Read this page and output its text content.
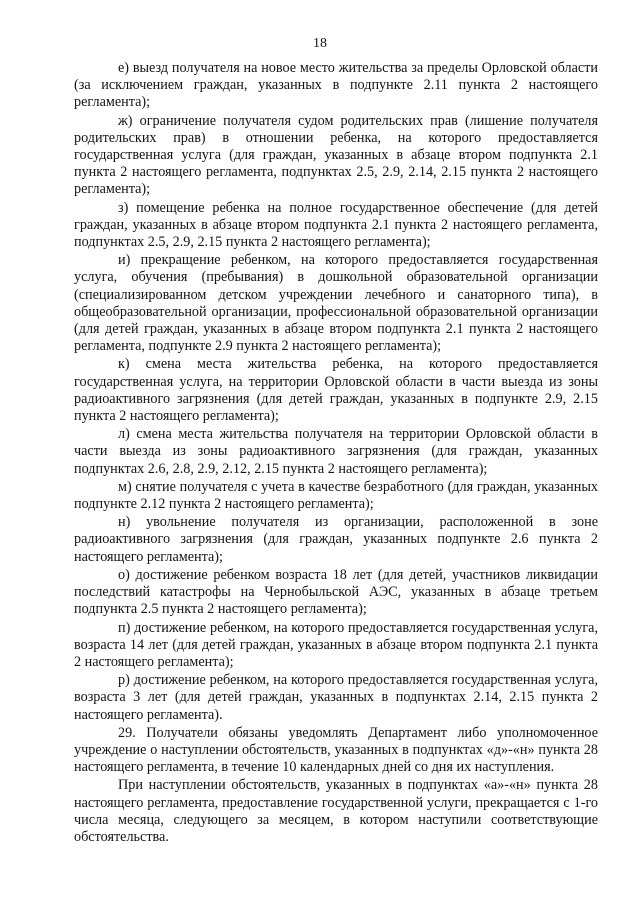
18

е) выезд получателя на новое место жительства за пределы Орловской области (за исключением граждан, указанных в подпункте 2.11 пункта 2 настоящего регламента);

ж) ограничение получателя судом родительских прав (лишение получателя родительских прав) в отношении ребенка, на которого предоставляется государственная услуга (для граждан, указанных в абзаце втором подпункта 2.1 пункта 2 настоящего регламента, подпунктах 2.5, 2.9, 2.14, 2.15 пункта 2 настоящего регламента);

з) помещение ребенка на полное государственное обеспечение (для детей граждан, указанных в абзаце втором подпункта 2.1 пункта 2 настоящего регламента, подпунктах 2.5, 2.9, 2.15 пункта 2 настоящего регламента);

и) прекращение ребенком, на которого предоставляется государственная услуга, обучения (пребывания) в дошкольной образовательной организации (специализированном детском учреждении лечебного и санаторного типа), в общеобразовательной организации, профессиональной образовательной организации (для детей граждан, указанных в абзаце втором подпункта 2.1 пункта 2 настоящего регламента, подпункте 2.9 пункта 2 настоящего регламента);

к) смена места жительства ребенка, на которого предоставляется государственная услуга, на территории Орловской области в части выезда из зоны радиоактивного загрязнения (для детей граждан, указанных в подпункте 2.9, 2.15 пункта 2 настоящего регламента);

л) смена места жительства получателя на территории Орловской области в части выезда из зоны радиоактивного загрязнения (для граждан, указанных подпунктах 2.6, 2.8, 2.9, 2.12, 2.15 пункта 2 настоящего регламента);

м) снятие получателя с учета в качестве безработного (для граждан, указанных подпункте 2.12 пункта 2 настоящего регламента);

н) увольнение получателя из организации, расположенной в зоне радиоактивного загрязнения (для граждан, указанных подпункте 2.6 пункта 2 настоящего регламента);

о) достижение ребенком возраста 18 лет (для детей, участников ликвидации последствий катастрофы на Чернобыльской АЭС, указанных в абзаце третьем подпункта 2.5 пункта 2 настоящего регламента);

п) достижение ребенком, на которого предоставляется государственная услуга, возраста 14 лет (для детей граждан, указанных в абзаце втором подпункта 2.1 пункта 2 настоящего регламента);

р) достижение ребенком, на которого предоставляется государственная услуга, возраста 3 лет (для детей граждан, указанных в подпунктах 2.14, 2.15 пункта 2 настоящего регламента).

29. Получатели обязаны уведомлять Департамент либо уполномоченное учреждение о наступлении обстоятельств, указанных в подпунктах «д»-«н» пункта 28 настоящего регламента, в течение 10 календарных дней со дня их наступления.

При наступлении обстоятельств, указанных в подпунктах «а»-«н» пункта 28 настоящего регламента, предоставление государственной услуги, прекращается с 1-го числа месяца, следующего за месяцем, в котором наступили соответствующие обстоятельства.
